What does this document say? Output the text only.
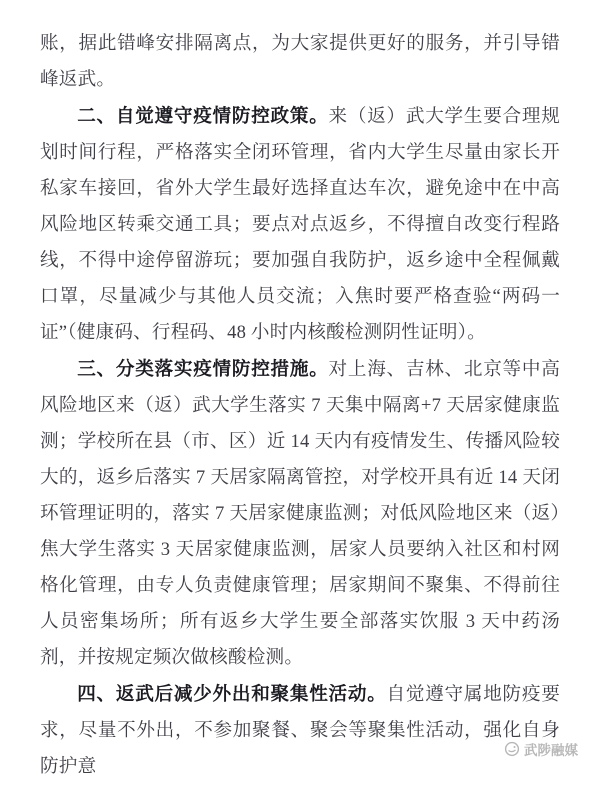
账，据此错峰安排隔离点，为大家提供更好的服务，并引导错峰返武。

二、自觉遵守疫情防控政策。来（返）武大学生要合理规划时间行程，严格落实全闭环管理，省内大学生尽量由家长开私家车接回，省外大学生最好选择直达车次，避免途中在中高风险地区转乘交通工具；要点对点返乡，不得擅自改变行程路线，不得中途停留游玩；要加强自我防护，返乡途中全程佩戴口罩，尽量减少与其他人员交流；入焦时要严格查验“两码一证”（健康码、行程码、48 小时内核酸检测阴性证明）。

三、分类落实疫情防控措施。对上海、吉林、北京等中高风险地区来（返）武大学生落实 7 天集中隔离+7 天居家健康监测；学校所在县（市、区）近 14 天内有疫情发生、传播风险较大的，返乡后落实 7 天居家隔离管控，对学校开具有近 14 天闭环管理证明的，落实 7 天居家健康监测；对低风险地区来（返）焦大学生落实 3 天居家健康监测，居家人员要纳入社区和村网格化管理，由专人负责健康管理；居家期间不聚集、不得前往人员密集场所；所有返乡大学生要全部落实饮服 3 天中药汤剂，并按规定频次做核酸检测。

四、返武后减少外出和聚集性活动。自觉遵守属地防疫要求，尽量不外出，不参加聚餐、聚会等聚集性活动，强化自身防护意

武陟融媒
